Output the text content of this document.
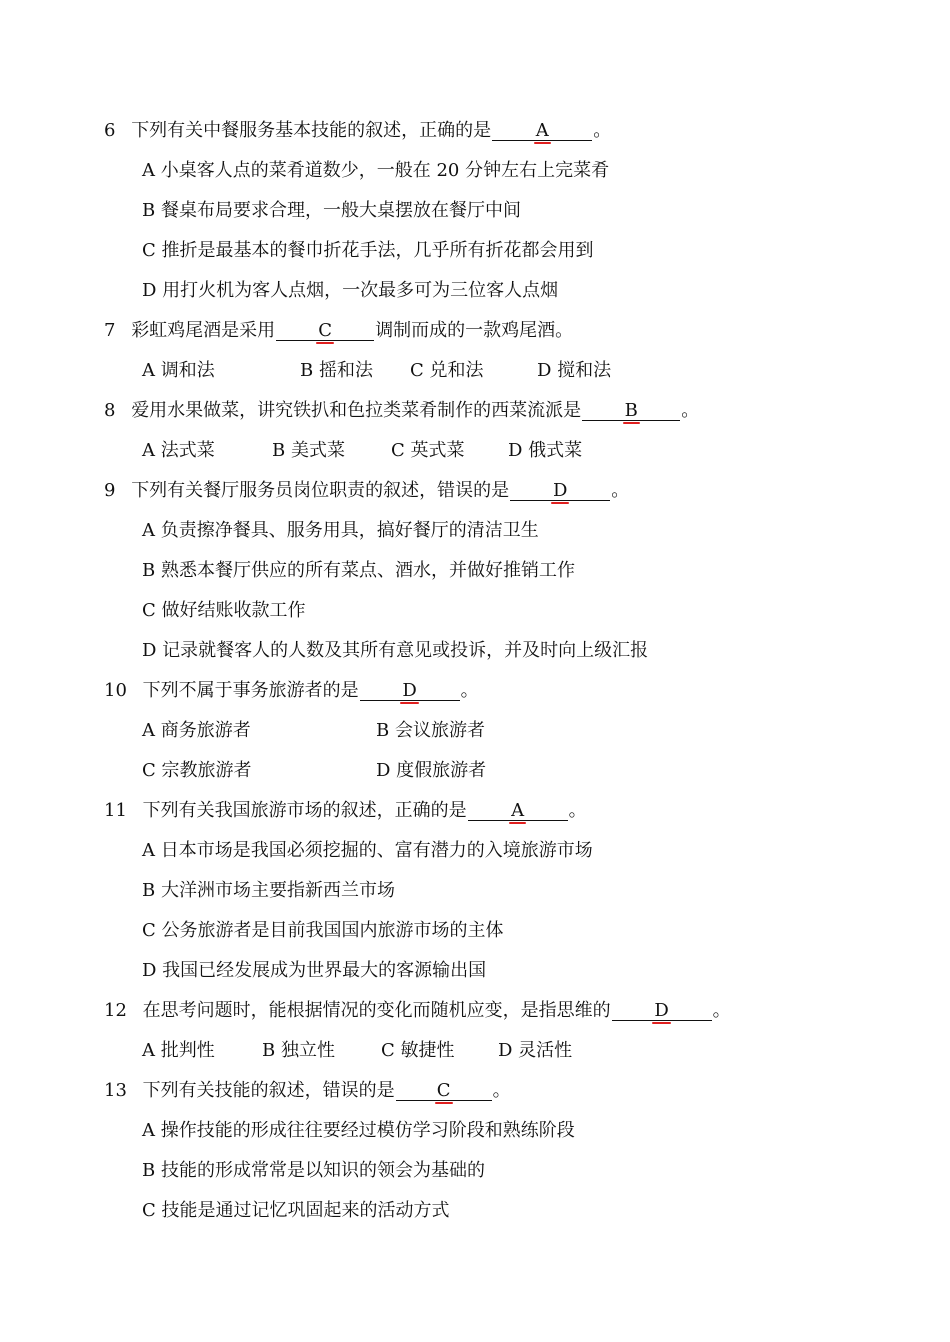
6 下列有关中餐服务基本技能的叙述，正确的是 A 。
A 小桌客人点的菜肴道数少，一般在 20 分钟左右上完菜肴
B 餐桌布局要求合理，一般大桌摆放在餐厅中间
C 推折是最基本的餐巾折花手法，几乎所有折花都会用到
D 用打火机为客人点烟，一次最多可为三位客人点烟
7 彩虹鸡尾酒是采用 C 调制而成的一款鸡尾酒。
A 调和法	B 摇和法 C 兑和法	D 搅和法
8 爱用水果做菜，讲究铁扒和色拉类菜肴制作的西菜流派是 B 。
A 法式菜	B 美式菜	C 英式菜 D 俄式菜
9 下列有关餐厅服务员岗位职责的叙述，错误的是 D 。
A 负责擦净餐具、服务用具，搞好餐厅的清洁卫生
B 熟悉本餐厅供应的所有菜点、酒水，并做好推销工作
C 做好结账收款工作
D 记录就餐客人的人数及其所有意见或投诉，并及时向上级汇报
10 下列不属于事务旅游者的是 D 。
A 商务旅游者	B 会议旅游者
C 宗教旅游者	D 度假旅游者
11 下列有关我国旅游市场的叙述，正确的是 A 。
A 日本市场是我国必须挖掘的、富有潜力的入境旅游市场
B 大洋洲市场主要指新西兰市场
C 公务旅游者是目前我国国内旅游市场的主体
D 我国已经发展成为世界最大的客源输出国
12 在思考问题时，能根据情况的变化而随机应变，是指思维的 D 。
A 批判性	B 独立性	C 敏捷性 D 灵活性
13 下列有关技能的叙述，错误的是 C 。
A 操作技能的形成往往要经过模仿学习阶段和熟练阶段
B 技能的形成常常是以知识的领会为基础的
C 技能是通过记忆巩固起来的活动方式
